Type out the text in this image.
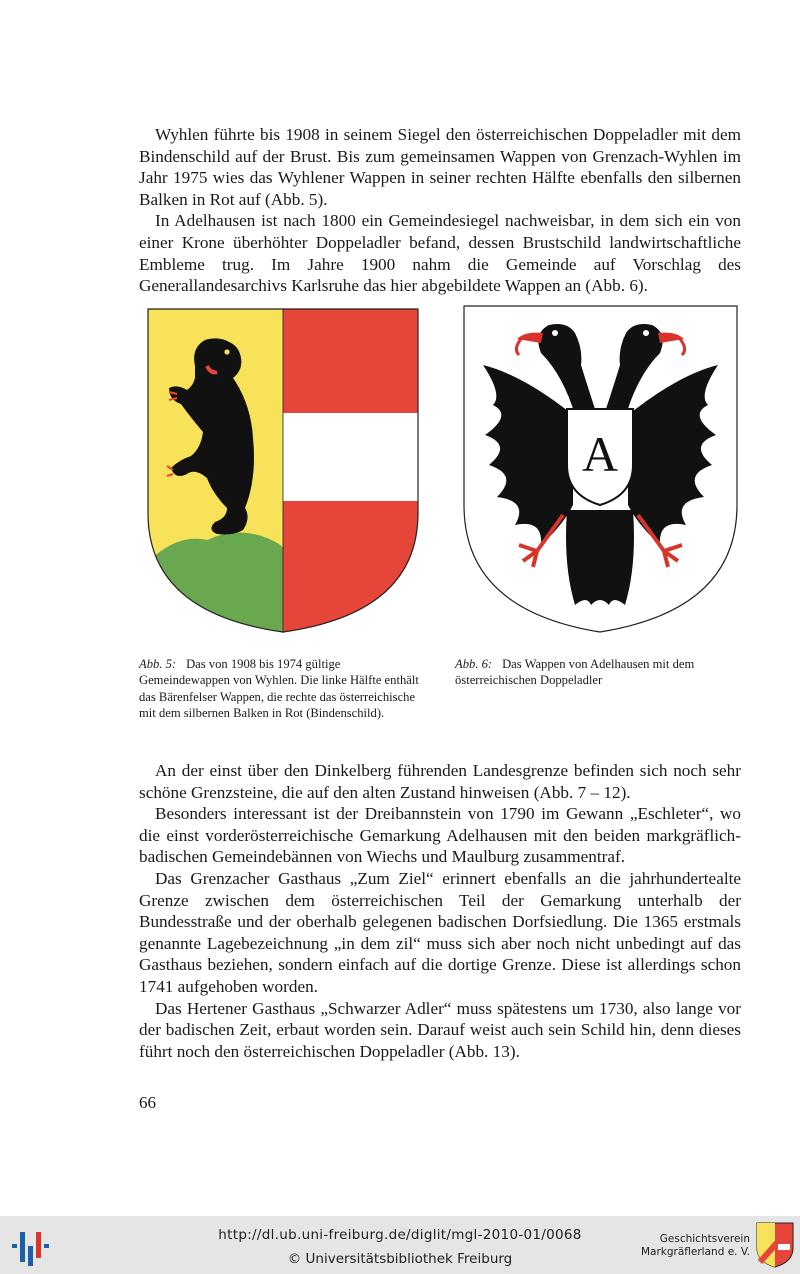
Wyhlen führte bis 1908 in seinem Siegel den österreichischen Doppeladler mit dem Bindenschild auf der Brust. Bis zum gemeinsamen Wappen von Grenzach-Wyhlen im Jahr 1975 wies das Wyhlener Wappen in seiner rechten Hälfte ebenfalls den silbernen Balken in Rot auf (Abb. 5).

In Adelhausen ist nach 1800 ein Gemeindesiegel nachweisbar, in dem sich ein von einer Krone überhöhter Doppeladler befand, dessen Brustschild landwirtschaftliche Embleme trug. Im Jahre 1900 nahm die Gemeinde auf Vorschlag des Generallandesarchivs Karlsruhe das hier abgebildete Wappen an (Abb. 6).

A
Abb. 5: Das von 1908 bis 1974 gültige Gemeindewappen von Wyhlen. Die linke Hälfte enthält das Bärenfelser Wappen, die rechte das österreichische mit dem silbernen Balken in Rot (Bindenschild).
Abb. 6: Das Wappen von Adelhausen mit dem österreichischen Doppeladler

An der einst über den Dinkelberg führenden Landesgrenze befinden sich noch sehr schöne Grenzsteine, die auf den alten Zustand hinweisen (Abb. 7 – 12).

Besonders interessant ist der Dreibannstein von 1790 im Gewann „Eschleter“, wo die einst vorderösterreichische Gemarkung Adelhausen mit den beiden markgräflich-badischen Gemeindebännen von Wiechs und Maulburg zusammentraf.

Das Grenzacher Gasthaus „Zum Ziel“ erinnert ebenfalls an die jahrhundertealte Grenze zwischen dem österreichischen Teil der Gemarkung unterhalb der Bundesstraße und der oberhalb gelegenen badischen Dorfsiedlung. Die 1365 erstmals genannte Lagebezeichnung „in dem zil“ muss sich aber noch nicht unbedingt auf das Gasthaus beziehen, sondern einfach auf die dortige Grenze. Diese ist allerdings schon 1741 aufgehoben worden.

Das Hertener Gasthaus „Schwarzer Adler“ muss spätestens um 1730, also lange vor der badischen Zeit, erbaut worden sein. Darauf weist auch sein Schild hin, denn dieses führt noch den österreichischen Doppeladler (Abb. 13).

66
http://dl.ub.uni-freiburg.de/diglit/mgl-2010-01/0068
© Universitätsbibliothek Freiburg
Geschichtsverein
Markgräflerland e. V.
